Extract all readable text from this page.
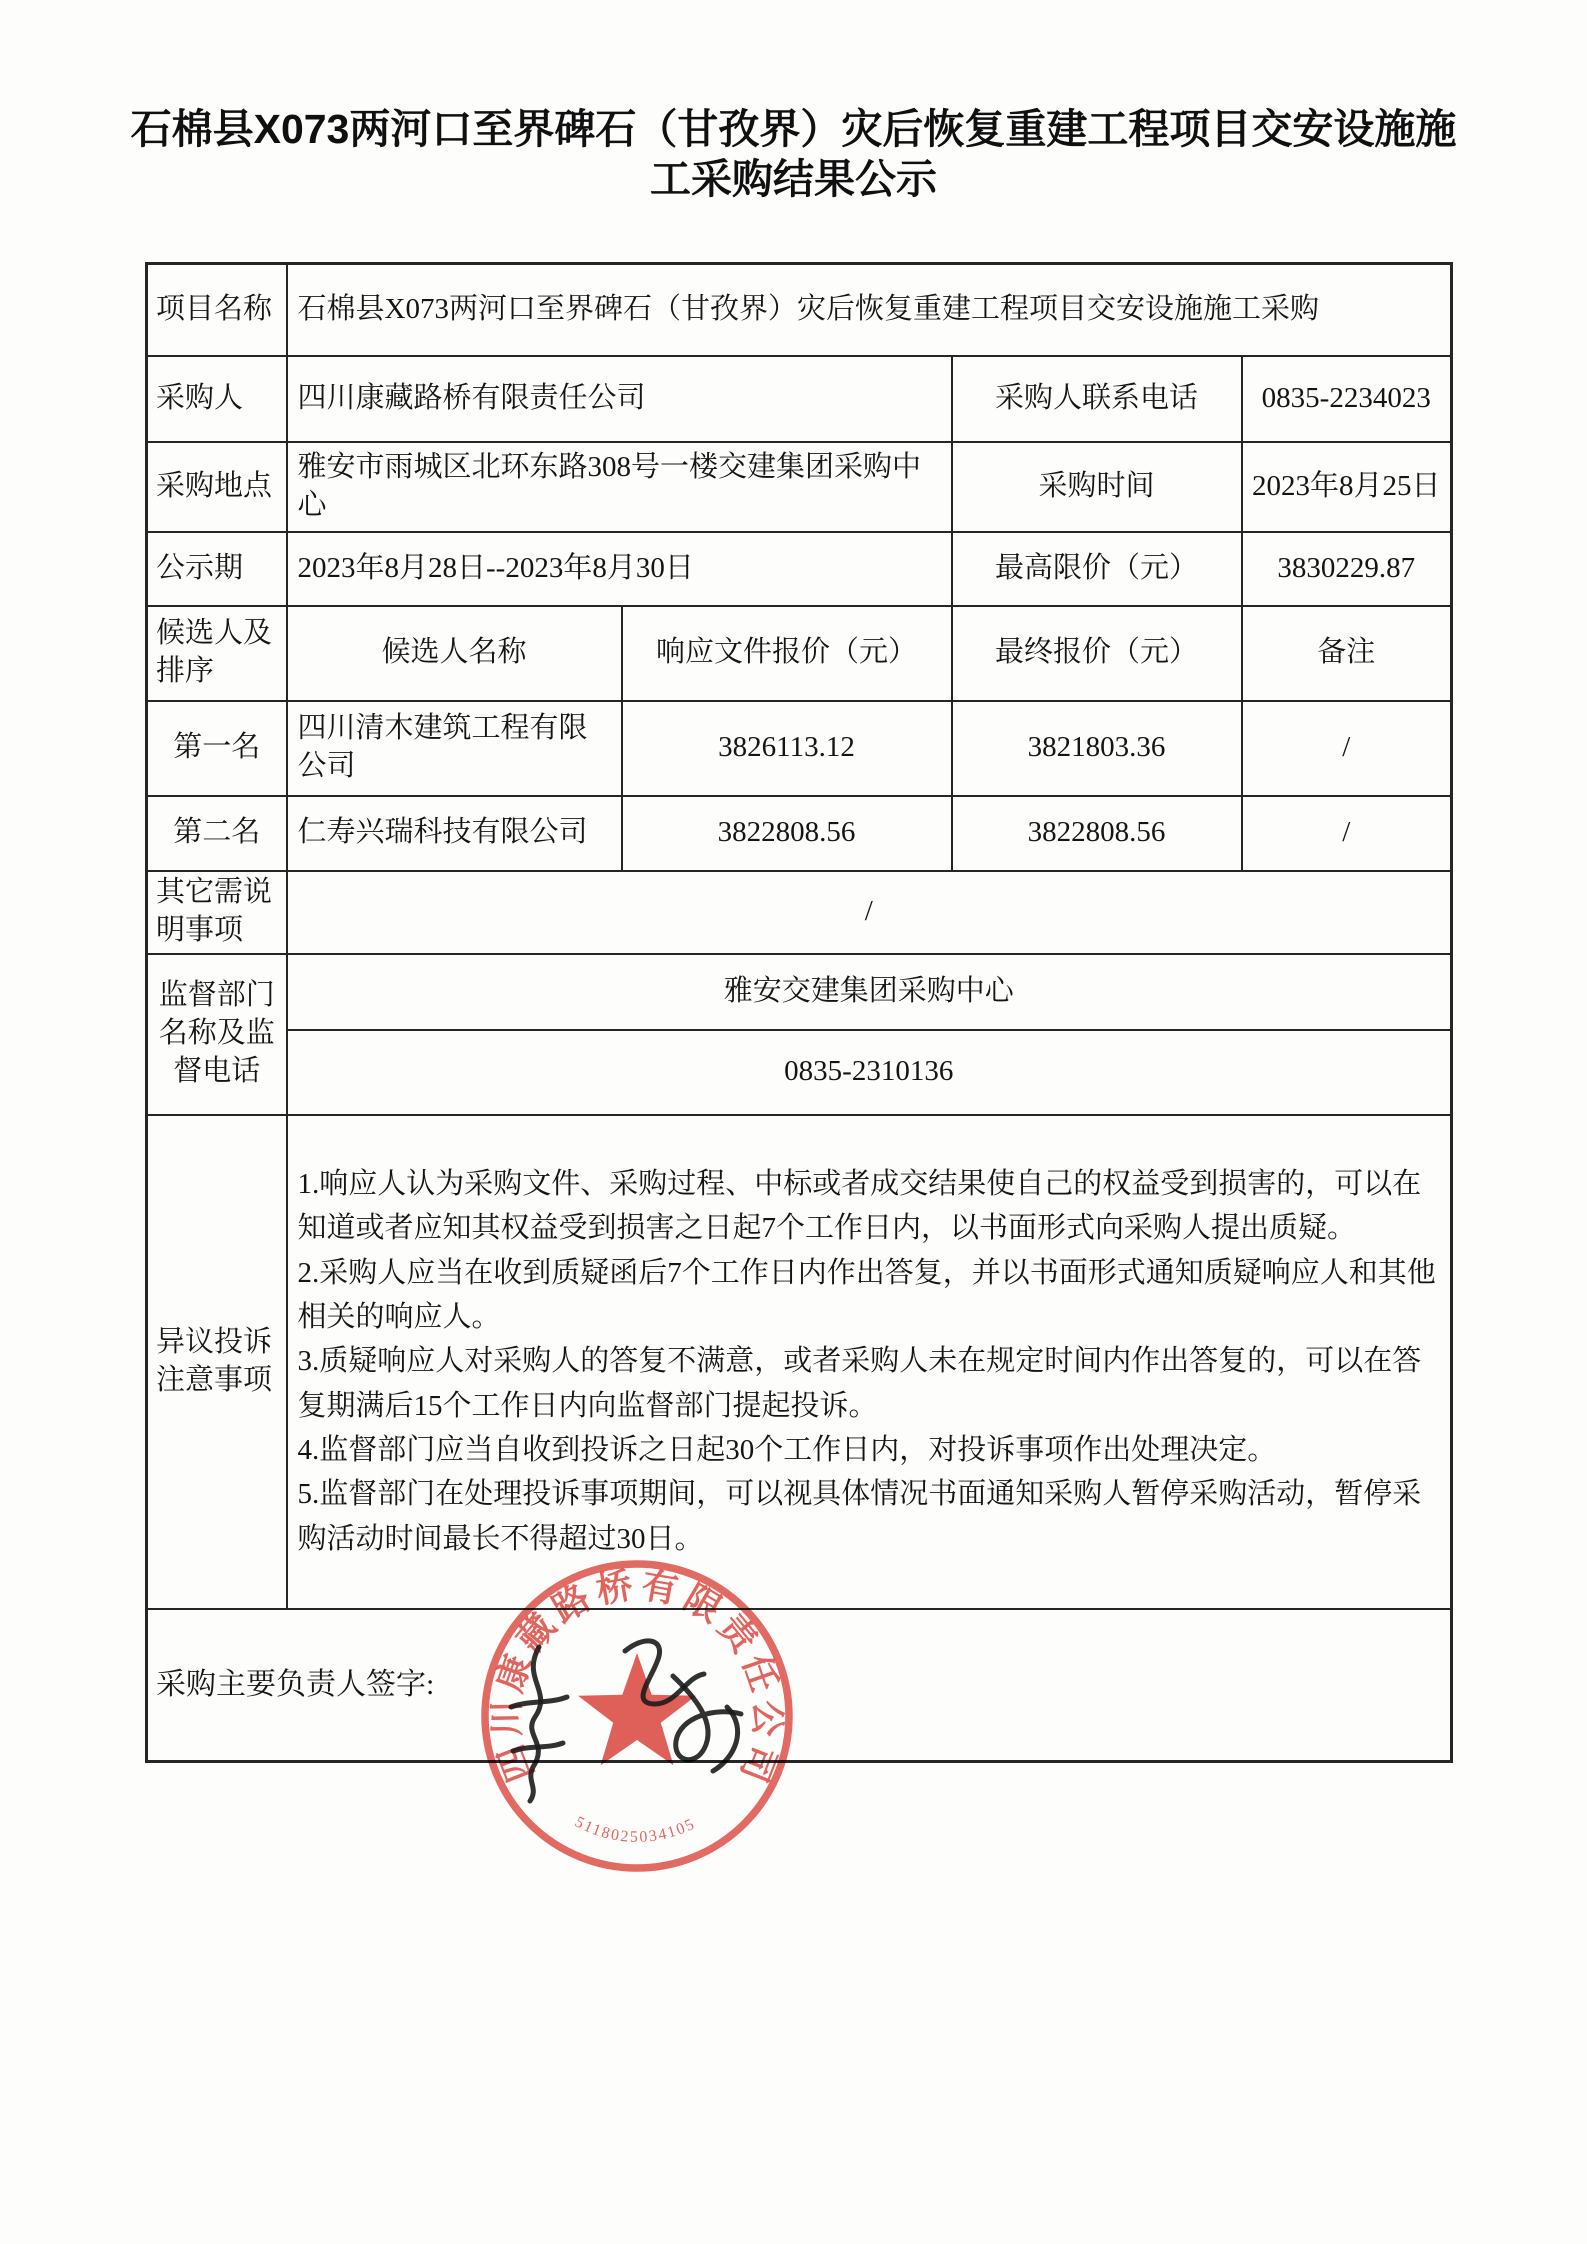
石棉县X073两河口至界碑石（甘孜界）灾后恢复重建工程项目交安设施施工采购结果公示
项目名称	石棉县X073两河口至界碑石（甘孜界）灾后恢复重建工程项目交安设施施工采购			
采购人	四川康藏路桥有限责任公司		采购人联系电话	0835-2234023
采购地点	雅安市雨城区北环东路308号一楼交建集团采购中心		采购时间	2023年8月25日
公示期	2023年8月28日--2023年8月30日		最高限价（元）	3830229.87
候选人及排序	候选人名称	响应文件报价（元）	最终报价（元）	备注
第一名	四川清木建筑工程有限公司	3826113.12	3821803.36	/
第二名	仁寿兴瑞科技有限公司	3822808.56	3822808.56	/
其它需说明事项	/			
监督部门名称及监督电话	雅安交建集团采购中心			
	0835-2310136			
异议投诉注意事项	1.响应人认为采购文件、采购过程、中标或者成交结果使自己的权益受到损害的，可以在知道或者应知其权益受到损害之日起7个工作日内，以书面形式向采购人提出质疑。
2.采购人应当在收到质疑函后7个工作日内作出答复，并以书面形式通知质疑响应人和其他相关的响应人。
3.质疑响应人对采购人的答复不满意，或者采购人未在规定时间内作出答复的，可以在答复期满后15个工作日内向监督部门提起投诉。
4.监督部门应当自收到投诉之日起30个工作日内，对投诉事项作出处理决定。
5.监督部门在处理投诉事项期间，可以视具体情况书面通知采购人暂停采购活动，暂停采购活动时间最长不得超过30日。			

采购主要负责人签字:				
四川康藏路桥有限责任公司
5118025034105
